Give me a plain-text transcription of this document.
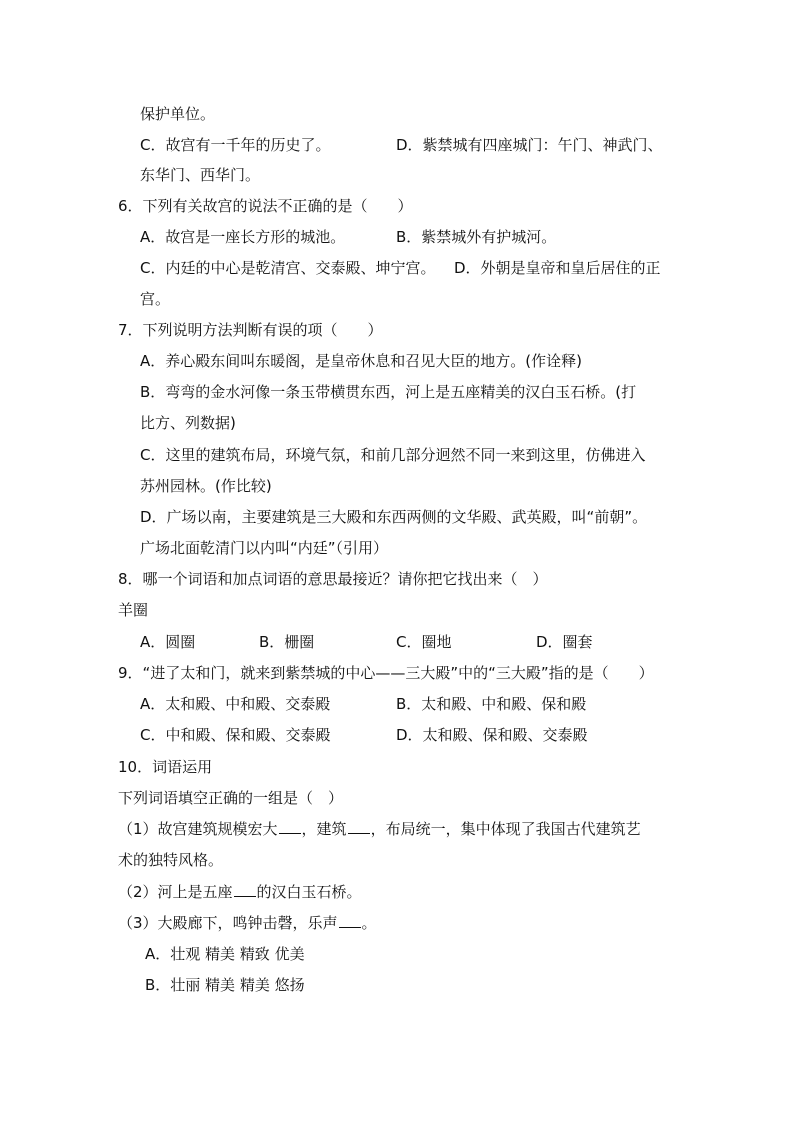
保护单位。
C．故宫有一千年的历史了。	D．紫禁城有四座城门：午门、神武门、
东华门、西华门。
6．下列有关故宫的说法不正确的是（　　）
A．故宫是一座长方形的城池。	B．紫禁城外有护城河。
C．内廷的中心是乾清宫、交泰殿、坤宁宫。 D．外朝是皇帝和皇后居住的正
宫。
7．下列说明方法判断有误的项（　　）
A．养心殿东间叫东暖阁，是皇帝休息和召见大臣的地方。(作诠释)
B．弯弯的金水河像一条玉带横贯东西，河上是五座精美的汉白玉石桥。(打
比方、列数据)
C．这里的建筑布局，环境气氛，和前几部分迥然不同一来到这里，仿佛进入
苏州园林。(作比较)
D．广场以南，主要建筑是三大殿和东西两侧的文华殿、武英殿，叫“前朝”。
广场北面乾清门以内叫“内廷”（引用）
8．哪一个词语和加点词语的意思最接近？请你把它找出来（　）
羊圈
A．圆圈	B．栅圈	C．圈地	D．圈套
9．“进了太和门，就来到紫禁城的中心——三大殿”中的“三大殿”指的是（　　）
A．太和殿、中和殿、交泰殿	B．太和殿、中和殿、保和殿
C．中和殿、保和殿、交泰殿	D．太和殿、保和殿、交泰殿
10．词语运用
下列词语填空正确的一组是（　）
（1）故宫建筑规模宏大 ，建筑 ，布局统一，集中体现了我国古代建筑艺
术的独特风格。
（2）河上是五座 的汉白玉石桥。
（3）大殿廊下，鸣钟击磬，乐声 。
A．壮观 精美 精致 优美
B．壮丽 精美 精美 悠扬
